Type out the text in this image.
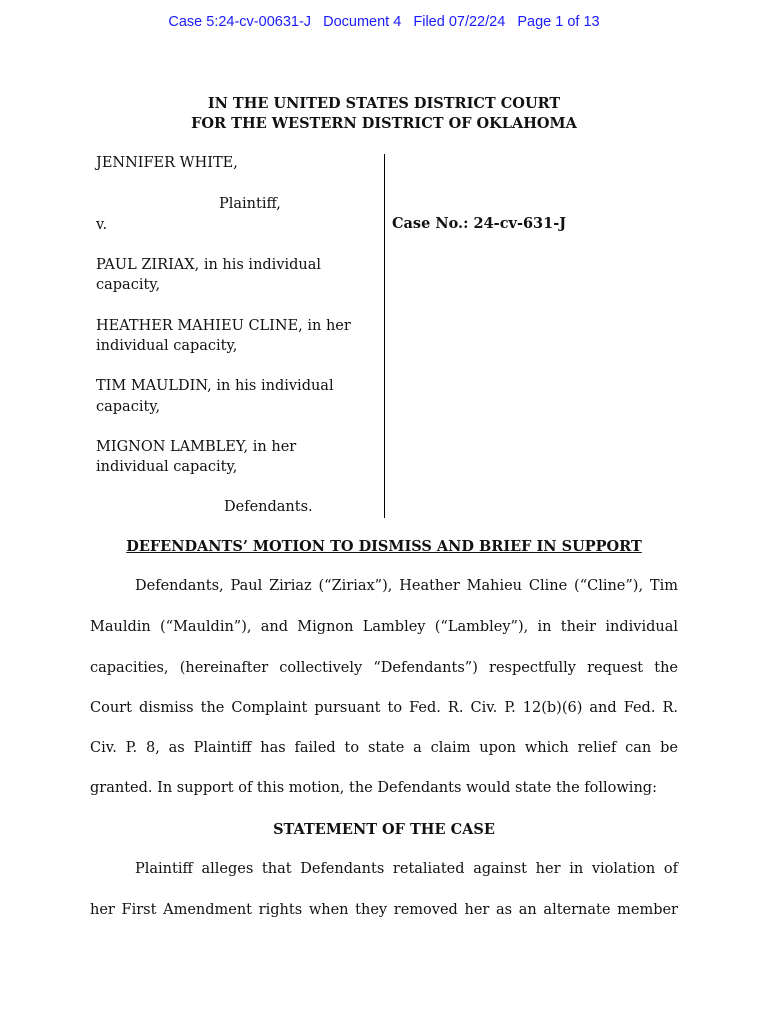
Case 5:24-cv-00631-J   Document 4   Filed 07/22/24   Page 1 of 13
IN THE UNITED STATES DISTRICT COURT
FOR THE WESTERN DISTRICT OF OKLAHOMA
JENNIFER WHITE,
Plaintiff,
v.
PAUL ZIRIAX, in his individual
capacity,
HEATHER MAHIEU CLINE, in her
individual capacity,
TIM MAULDIN, in his individual
capacity,
MIGNON LAMBLEY, in her
individual capacity,
Defendants.
Case No.: 24-cv-631-J
DEFENDANTS’ MOTION TO DISMISS AND BRIEF IN SUPPORT
Defendants, Paul Ziriaz (“Ziriax”), Heather Mahieu Cline (“Cline”), Tim
Mauldin (“Mauldin”), and Mignon Lambley (“Lambley”), in their individual
capacities, (hereinafter collectively “Defendants”) respectfully request the
Court dismiss the Complaint pursuant to Fed. R. Civ. P. 12(b)(6) and Fed. R.
Civ. P. 8, as Plaintiff has failed to state a claim upon which relief can be
granted. In support of this motion, the Defendants would state the following:
STATEMENT OF THE CASE
Plaintiff alleges that Defendants retaliated against her in violation of
her First Amendment rights when they removed her as an alternate member
